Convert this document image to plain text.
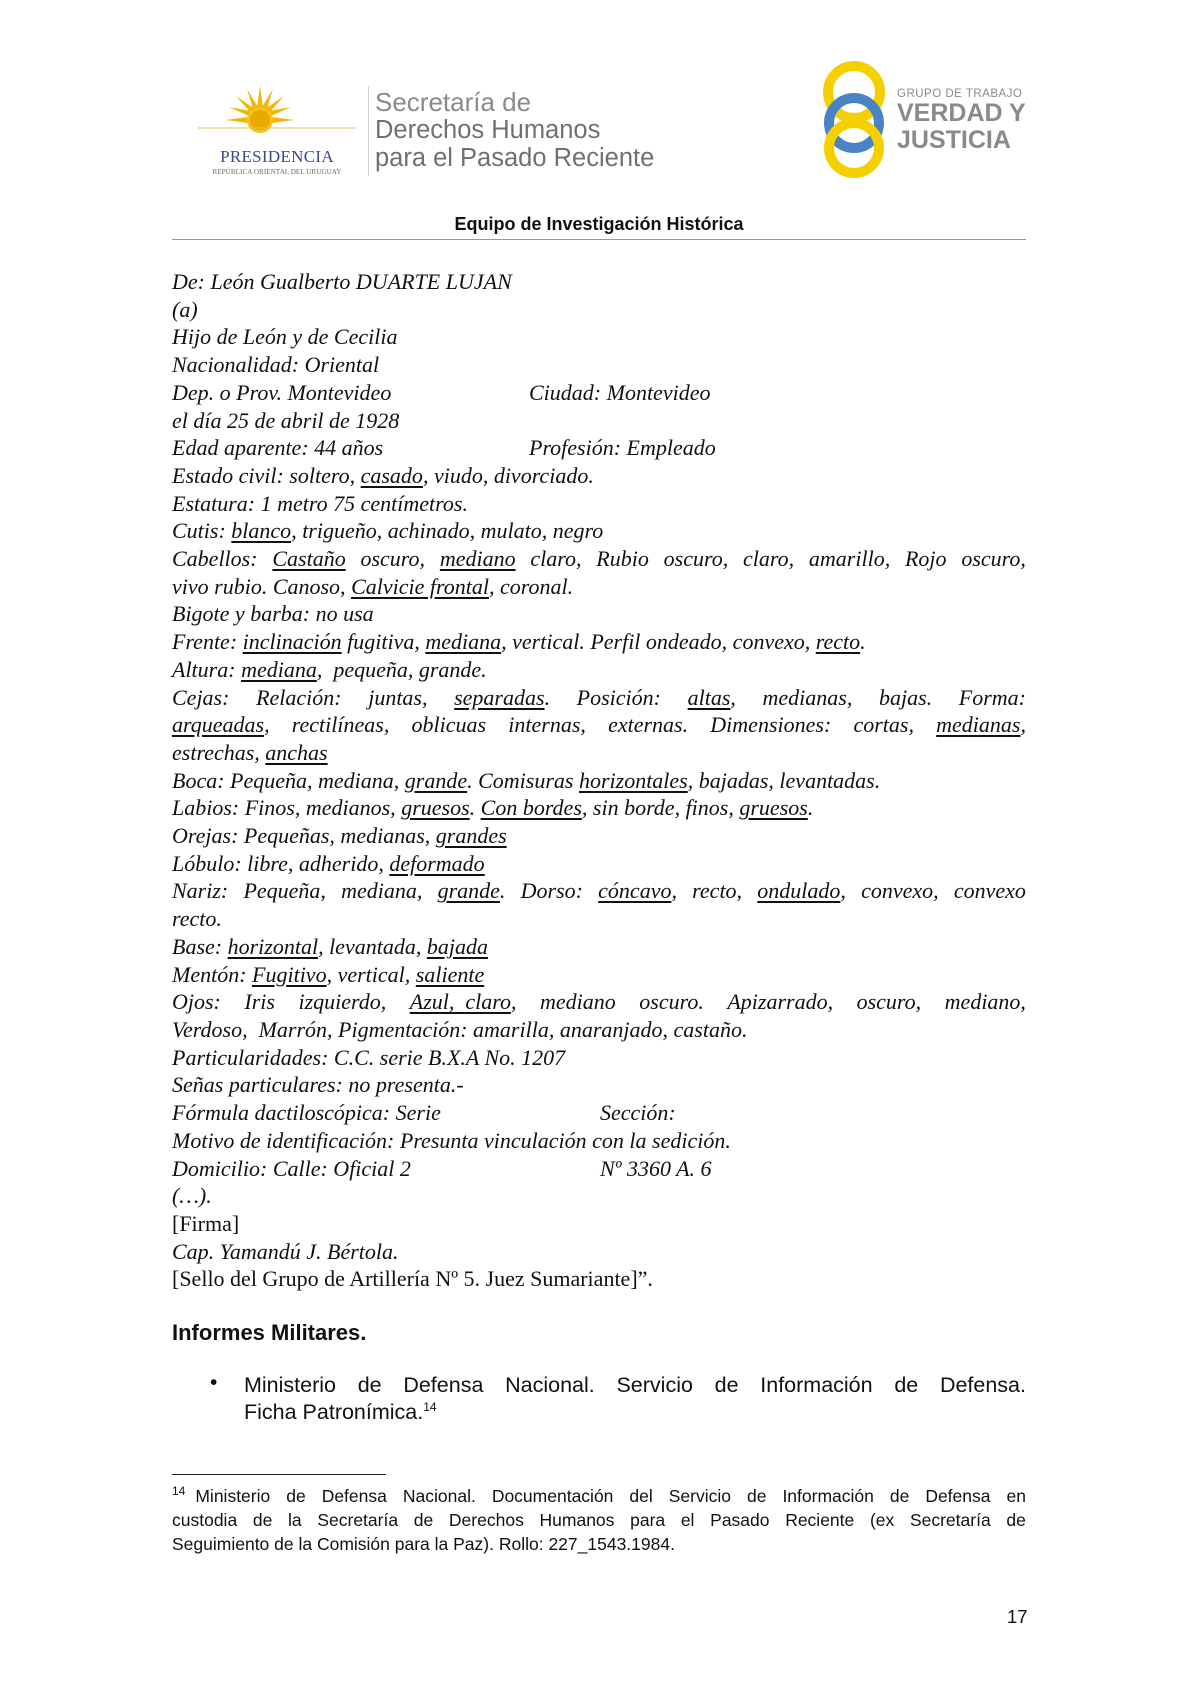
PRESIDENCIA
REPÚBLICA ORIENTAL DEL URUGUAY
Secretaría de
Derechos Humanos
para el Pasado Reciente
GRUPO DE TRABAJO
VERDAD Y
JUSTICIA
Equipo de Investigación Histórica
De: León Gualberto DUARTE LUJAN
(a)
Hijo de León y de Cecilia
Nacionalidad: Oriental
Dep. o Prov. Montevideo	Ciudad: Montevideo
el día 25 de abril de 1928
Edad aparente: 44 años	Profesión: Empleado
Estado civil: soltero, casado, viudo, divorciado.
Estatura: 1 metro 75 centímetros.
Cutis: blanco, trigueño, achinado, mulato, negro
Cabellos: Castaño oscuro, mediano claro, Rubio oscuro, claro, amarillo, Rojo oscuro,
vivo rubio. Canoso, Calvicie frontal, coronal.
Bigote y barba: no usa
Frente: inclinación fugitiva, mediana, vertical. Perfil ondeado, convexo, recto.
Altura: mediana,  pequeña, grande.
Cejas: Relación: juntas, separadas. Posición: altas, medianas, bajas. Forma:
arqueadas, rectilíneas, oblicuas internas, externas. Dimensiones: cortas, medianas,
estrechas, anchas
Boca: Pequeña, mediana, grande. Comisuras horizontales, bajadas, levantadas.
Labios: Finos, medianos, gruesos. Con bordes, sin borde, finos, gruesos.
Orejas: Pequeñas, medianas, grandes
Lóbulo: libre, adherido, deformado
Nariz: Pequeña, mediana, grande. Dorso: cóncavo, recto, ondulado, convexo, convexo
recto.
Base: horizontal, levantada, bajada
Mentón: Fugitivo, vertical, saliente
Ojos: Iris izquierdo, Azul, claro, mediano oscuro. Apizarrado, oscuro, mediano,
Verdoso,  Marrón, Pigmentación: amarilla, anaranjado, castaño.
Particularidades: C.C. serie B.X.A No. 1207
Señas particulares: no presenta.-
Fórmula dactiloscópica: Serie	Sección:
Motivo de identificación: Presunta vinculación con la sedición.
Domicilio: Calle: Oficial 2	Nº 3360 A. 6
(…).
[Firma]
Cap. Yamandú J. Bértola.
[Sello del Grupo de Artillería Nº 5. Juez Sumariante]”.
Informes Militares.
• Ministerio de Defensa Nacional. Servicio de Información de Defensa.
Ficha Patronímica.$^{14}$
$^{14}$ Ministerio de Defensa Nacional. Documentación del Servicio de Información de Defensa en
custodia de la Secretaría de Derechos Humanos para el Pasado Reciente (ex Secretaría de
Seguimiento de la Comisión para la Paz). Rollo: 227_1543.1984.
17
